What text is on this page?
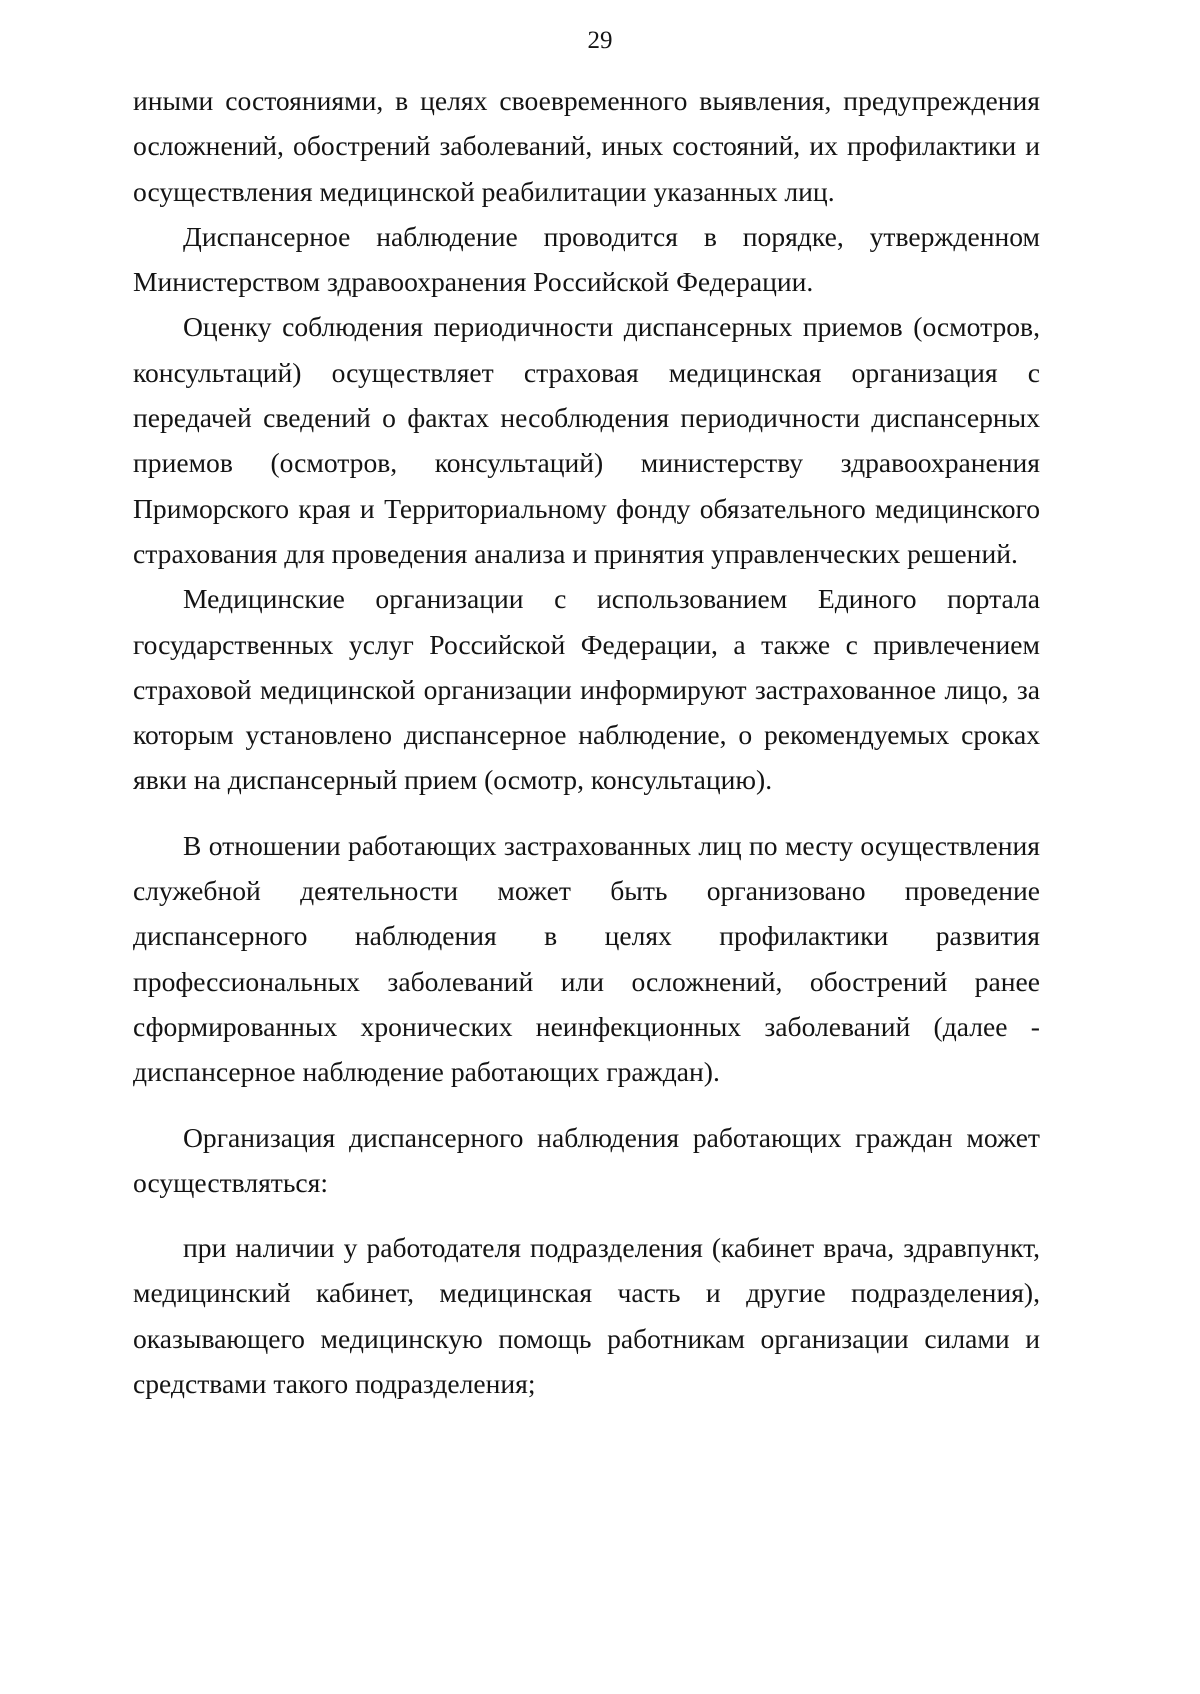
29

иными состояниями, в целях своевременного выявления, предупреждения осложнений, обострений заболеваний, иных состояний, их профилактики и осуществления медицинской реабилитации указанных лиц.

Диспансерное наблюдение проводится в порядке, утвержденном Министерством здравоохранения Российской Федерации.

Оценку соблюдения периодичности диспансерных приемов (осмотров, консультаций) осуществляет страховая медицинская организация с передачей сведений о фактах несоблюдения периодичности диспансерных приемов (осмотров, консультаций) министерству здравоохранения Приморского края и Территориальному фонду обязательного медицинского страхования для проведения анализа и принятия управленческих решений.

Медицинские организации с использованием Единого портала государственных услуг Российской Федерации, а также с привлечением страховой медицинской организации информируют застрахованное лицо, за которым установлено диспансерное наблюдение, о рекомендуемых сроках явки на диспансерный прием (осмотр, консультацию).

В отношении работающих застрахованных лиц по месту осуществления служебной деятельности может быть организовано проведение диспансерного наблюдения в целях профилактики развития профессиональных заболеваний или осложнений, обострений ранее сформированных хронических неинфекционных заболеваний (далее - диспансерное наблюдение работающих граждан).

Организация диспансерного наблюдения работающих граждан может осуществляться:

при наличии у работодателя подразделения (кабинет врача, здравпункт, медицинский кабинет, медицинская часть и другие подразделения), оказывающего медицинскую помощь работникам организации силами и средствами такого подразделения;
